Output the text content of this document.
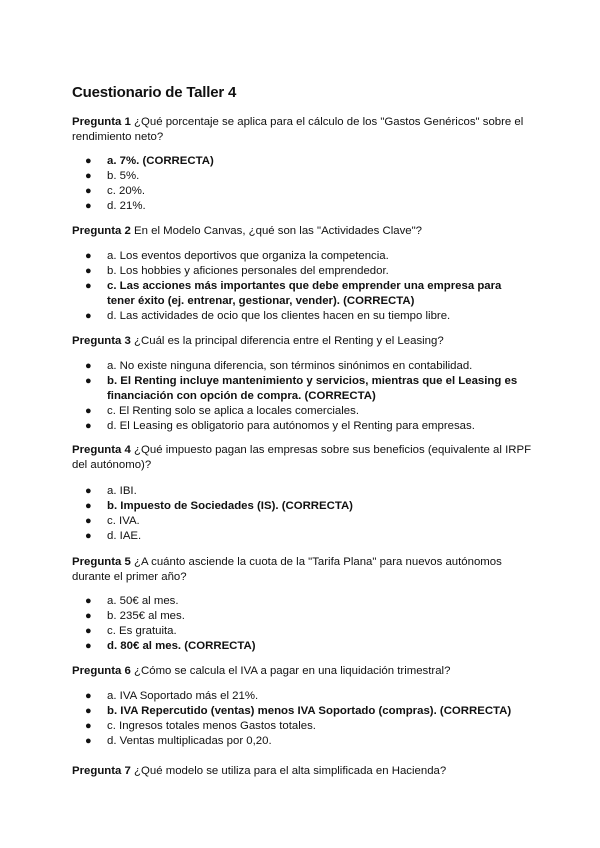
Cuestionario de Taller 4

Pregunta 1 ¿Qué porcentaje se aplica para el cálculo de los "Gastos Genéricos" sobre el rendimiento neto?

● a. 7%. (CORRECTA)
● b. 5%.
● c. 20%.
● d. 21%.

Pregunta 2 En el Modelo Canvas, ¿qué son las "Actividades Clave"?

● a. Los eventos deportivos que organiza la competencia.
● b. Los hobbies y aficiones personales del emprendedor.
● c. Las acciones más importantes que debe emprender una empresa para tener éxito (ej. entrenar, gestionar, vender). (CORRECTA)
● d. Las actividades de ocio que los clientes hacen en su tiempo libre.

Pregunta 3 ¿Cuál es la principal diferencia entre el Renting y el Leasing?

● a. No existe ninguna diferencia, son términos sinónimos en contabilidad.
● b. El Renting incluye mantenimiento y servicios, mientras que el Leasing es financiación con opción de compra. (CORRECTA)
● c. El Renting solo se aplica a locales comerciales.
● d. El Leasing es obligatorio para autónomos y el Renting para empresas.

Pregunta 4 ¿Qué impuesto pagan las empresas sobre sus beneficios (equivalente al IRPF del autónomo)?

● a. IBI.
● b. Impuesto de Sociedades (IS). (CORRECTA)
● c. IVA.
● d. IAE.

Pregunta 5 ¿A cuánto asciende la cuota de la "Tarifa Plana" para nuevos autónomos durante el primer año?

● a. 50€ al mes.
● b. 235€ al mes.
● c. Es gratuita.
● d. 80€ al mes. (CORRECTA)

Pregunta 6 ¿Cómo se calcula el IVA a pagar en una liquidación trimestral?

● a. IVA Soportado más el 21%.
● b. IVA Repercutido (ventas) menos IVA Soportado (compras). (CORRECTA)
● c. Ingresos totales menos Gastos totales.
● d. Ventas multiplicadas por 0,20.

Pregunta 7 ¿Qué modelo se utiliza para el alta simplificada en Hacienda?
